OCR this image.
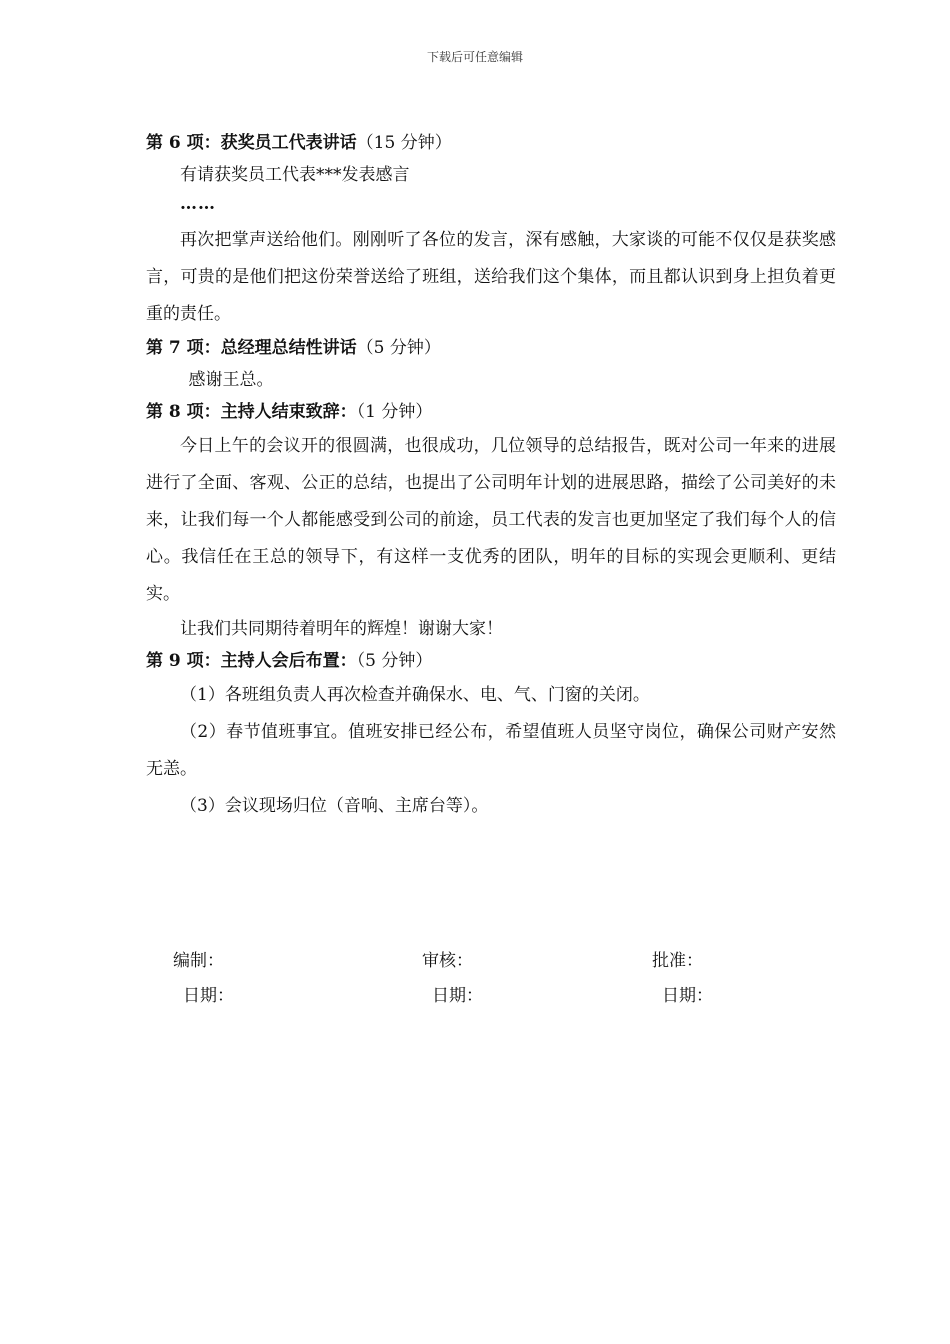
下载后可任意编辑

第 6 项：获奖员工代表讲话（15 分钟）

有请获奖员工代表***发表感言

……

再次把掌声送给他们。刚刚听了各位的发言，深有感触，大家谈的可能不仅仅是获奖感言，可贵的是他们把这份荣誉送给了班组，送给我们这个集体，而且都认识到身上担负着更重的责任。

第 7 项：总经理总结性讲话（5 分钟）

感谢王总。

第 8 项：主持人结束致辞：（1 分钟）

今日上午的会议开的很圆满，也很成功，几位领导的总结报告，既对公司一年来的进展进行了全面、客观、公正的总结，也提出了公司明年计划的进展思路，描绘了公司美好的未来，让我们每一个人都能感受到公司的前途，员工代表的发言也更加坚定了我们每个人的信心。我信任在王总的领导下，有这样一支优秀的团队，明年的目标的实现会更顺利、更结实。

让我们共同期待着明年的辉煌！谢谢大家！

第 9 项：主持人会后布置：（5 分钟）

（1）各班组负责人再次检查并确保水、电、气、门窗的关闭。

（2）春节值班事宜。值班安排已经公布，希望值班人员坚守岗位，确保公司财产安然无恙。

（3）会议现场归位（音响、主席台等）。

编制：	审核：	批准：
日期：	日期：	日期：
